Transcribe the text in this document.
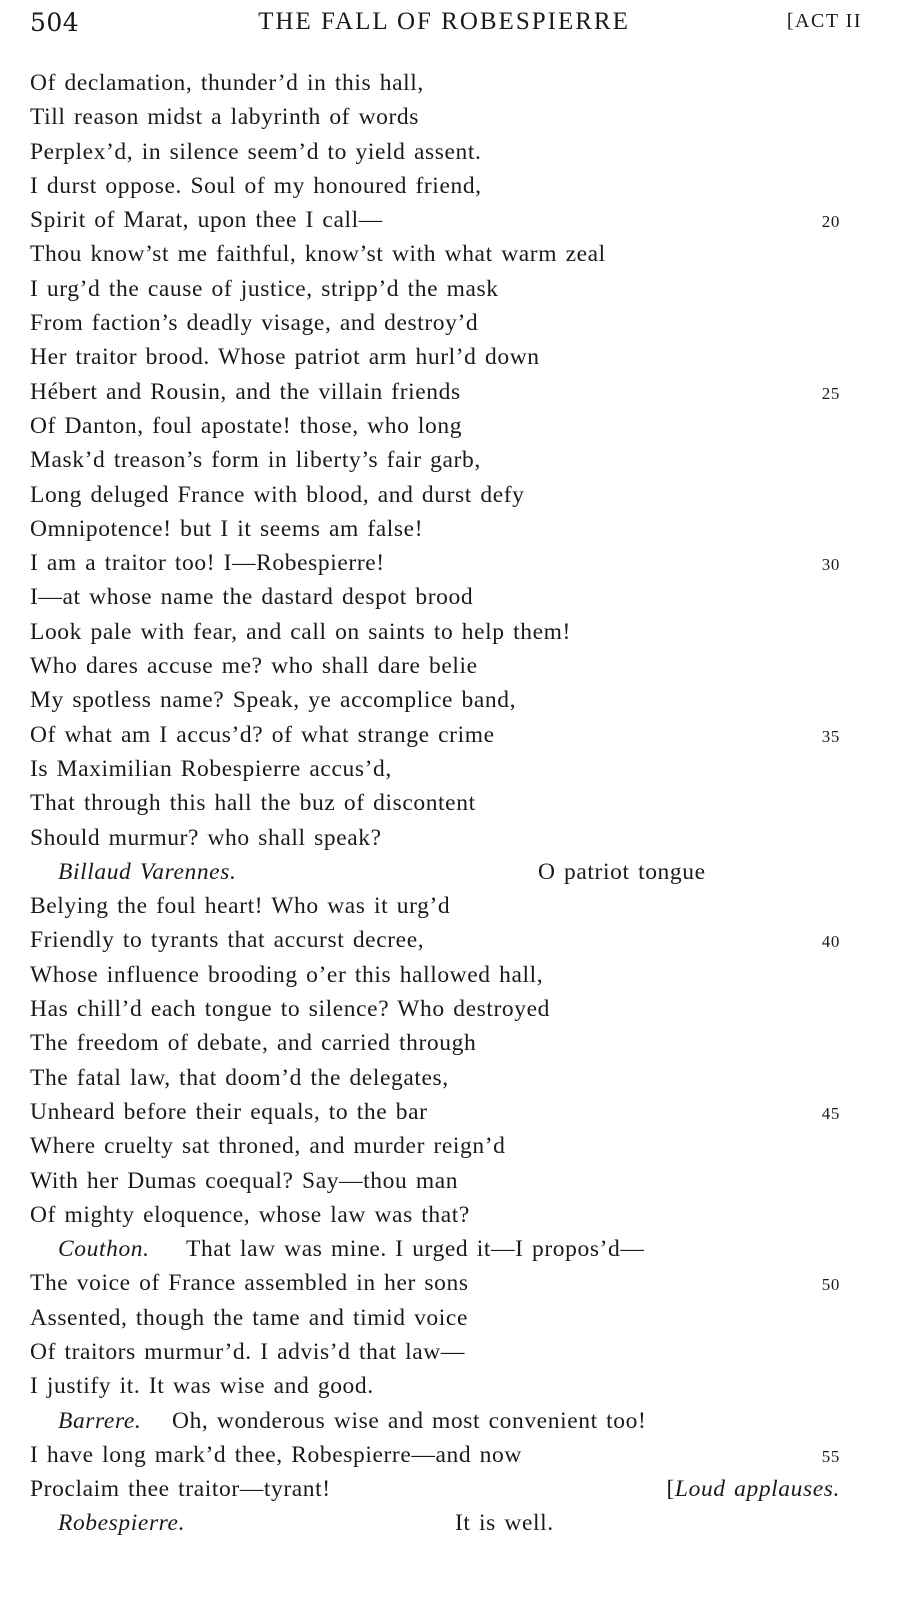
504	THE FALL OF ROBESPIERRE	[ACT II
Of declamation, thunder’d in this hall,
Till reason midst a labyrinth of words
Perplex’d, in silence seem’d to yield assent.
I durst oppose. Soul of my honoured friend,
Spirit of Marat, upon thee I call—	20
Thou know’st me faithful, know’st with what warm zeal
I urg’d the cause of justice, stripp’d the mask
From faction’s deadly visage, and destroy’d
Her traitor brood. Whose patriot arm hurl’d down
Hébert and Rousin, and the villain friends	25
Of Danton, foul apostate! those, who long
Mask’d treason’s form in liberty’s fair garb,
Long deluged France with blood, and durst defy
Omnipotence! but I it seems am false!
I am a traitor too! I—Robespierre!	30
I—at whose name the dastard despot brood
Look pale with fear, and call on saints to help them!
Who dares accuse me? who shall dare belie
My spotless name? Speak, ye accomplice band,
Of what am I accus’d? of what strange crime	35
Is Maximilian Robespierre accus’d,
That through this hall the buz of discontent
Should murmur? who shall speak?
Billaud Varennes.	O patriot tongue
Belying the foul heart! Who was it urg’d
Friendly to tyrants that accurst decree,	40
Whose influence brooding o’er this hallowed hall,
Has chill’d each tongue to silence? Who destroyed
The freedom of debate, and carried through
The fatal law, that doom’d the delegates,
Unheard before their equals, to the bar	45
Where cruelty sat throned, and murder reign’d
With her Dumas coequal? Say—thou man
Of mighty eloquence, whose law was that?
Couthon. That law was mine. I urged it—I propos’d—
The voice of France assembled in her sons	50
Assented, though the tame and timid voice
Of traitors murmur’d. I advis’d that law—
I justify it. It was wise and good.
Barrere. Oh, wonderous wise and most convenient too!
I have long mark’d thee, Robespierre—and now	55
Proclaim thee traitor—tyrant!	[Loud applauses.
Robespierre.	It is well.
